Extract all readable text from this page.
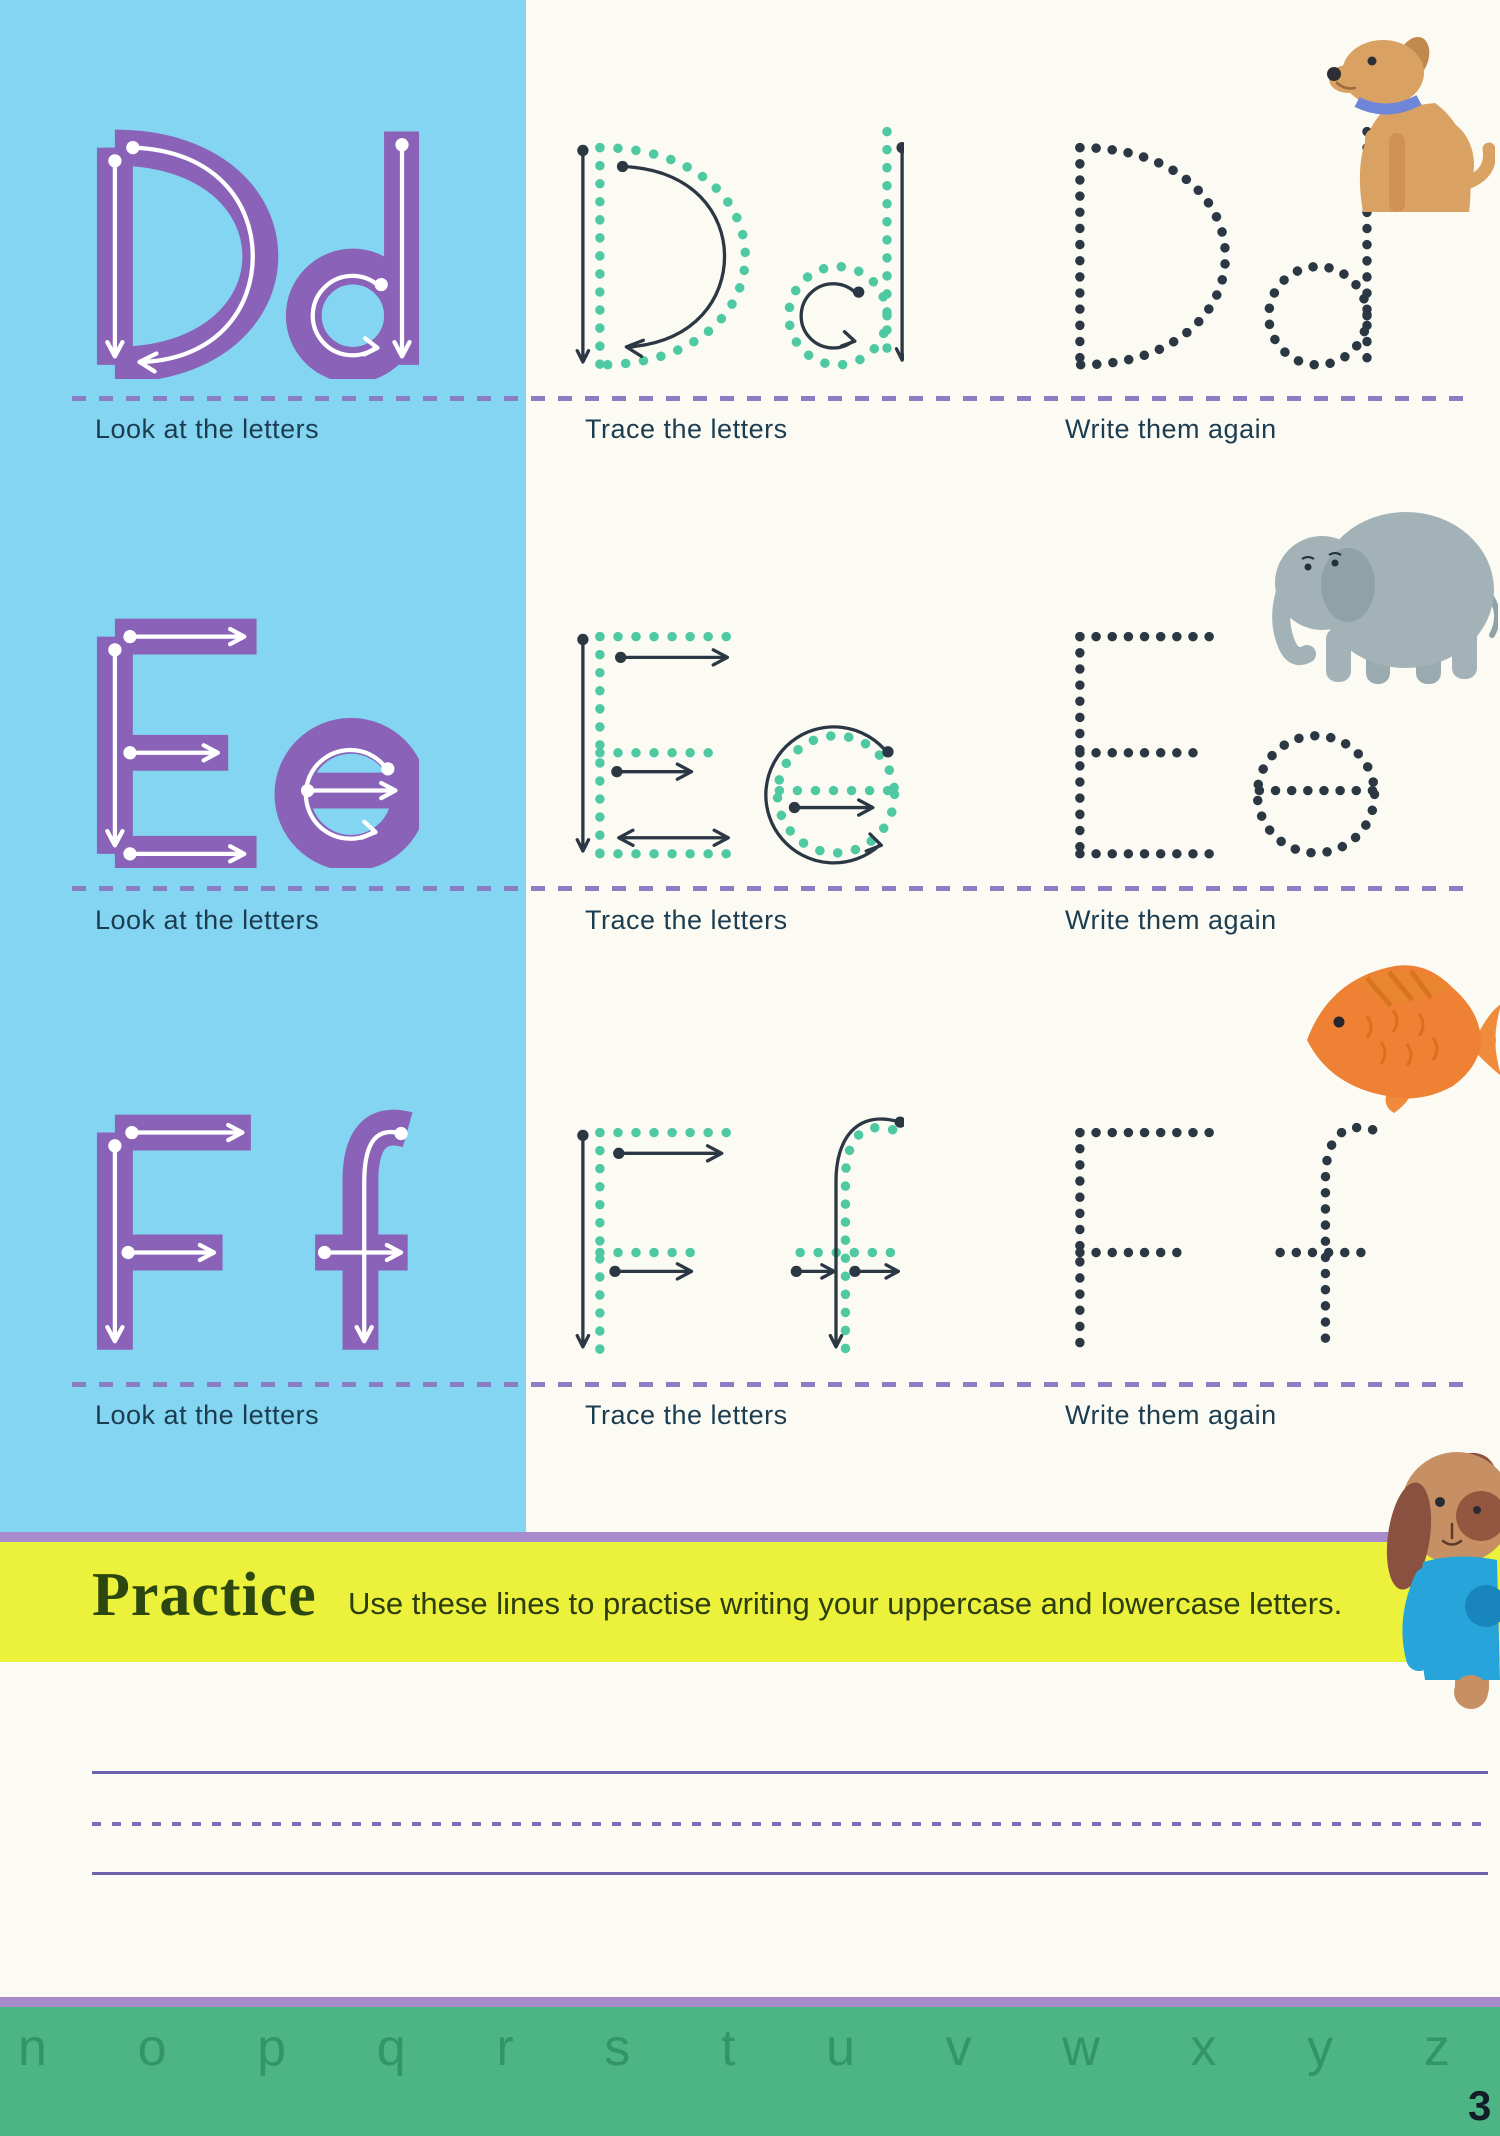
Look at the letters	Trace the letters	Write them again
Look at the letters	Trace the letters	Write them again
Look at the letters	Trace the letters	Write them again
Practice Use these lines to practise writing your uppercase and lowercase letters.
n o p q r s t u v w x y z
3
